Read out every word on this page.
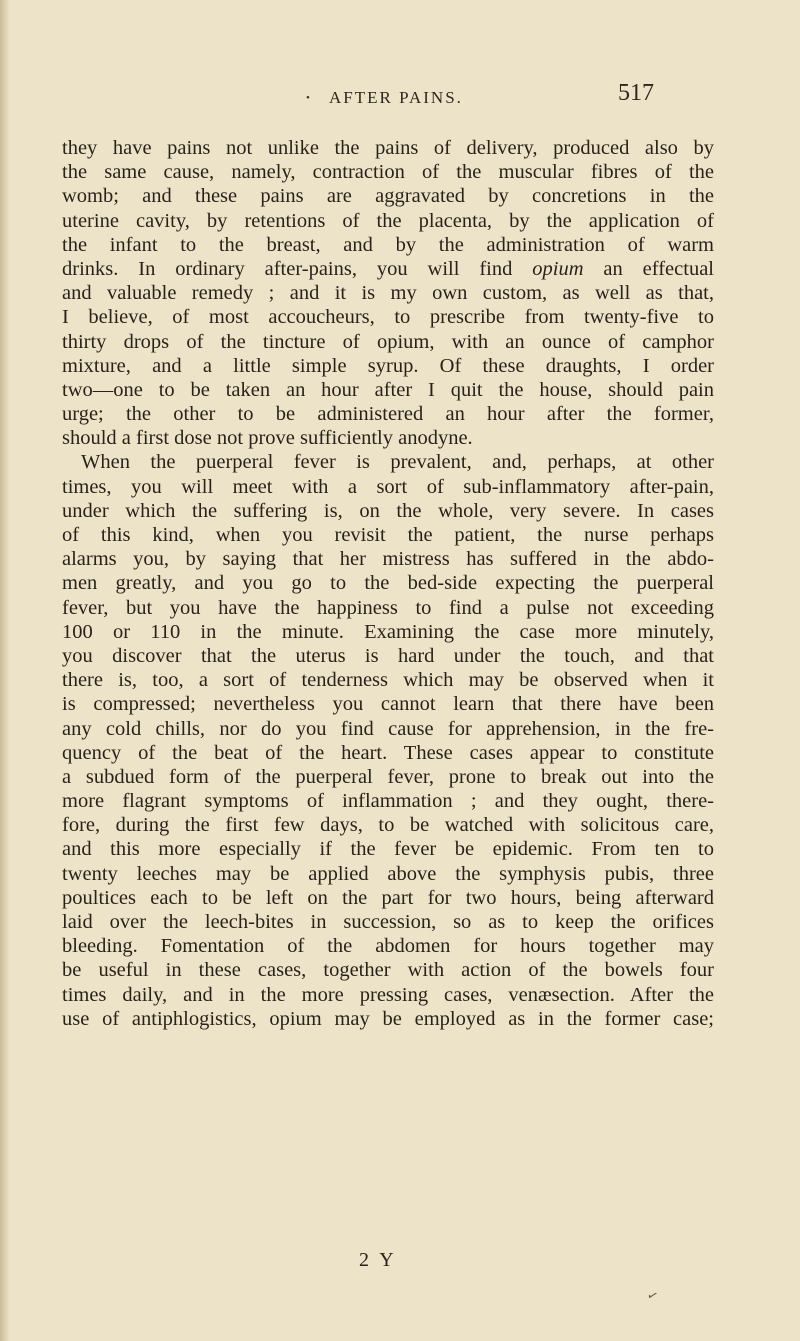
• AFTER PAINS.	517
they have pains not unlike the pains of delivery, produced also by
the same cause, namely, contraction of the muscular fibres of the
womb; and these pains are aggravated by concretions in the
uterine cavity, by retentions of the placenta, by the application of
the infant to the breast, and by the administration of warm
drinks. In ordinary after-pains, you will find opium an effectual
and valuable remedy ; and it is my own custom, as well as that,
I believe, of most accoucheurs, to prescribe from twenty-five to
thirty drops of the tincture of opium, with an ounce of camphor
mixture, and a little simple syrup. Of these draughts, I order
two—one to be taken an hour after I quit the house, should pain
urge; the other to be administered an hour after the former,
should a first dose not prove sufficiently anodyne.
When the puerperal fever is prevalent, and, perhaps, at other
times, you will meet with a sort of sub-inflammatory after-pain,
under which the suffering is, on the whole, very severe. In cases
of this kind, when you revisit the patient, the nurse perhaps
alarms you, by saying that her mistress has suffered in the abdo-
men greatly, and you go to the bed-side expecting the puerperal
fever, but you have the happiness to find a pulse not exceeding
100 or 110 in the minute. Examining the case more minutely,
you discover that the uterus is hard under the touch, and that
there is, too, a sort of tenderness which may be observed when it
is compressed; nevertheless you cannot learn that there have been
any cold chills, nor do you find cause for apprehension, in the fre-
quency of the beat of the heart. These cases appear to constitute
a subdued form of the puerperal fever, prone to break out into the
more flagrant symptoms of inflammation ; and they ought, there-
fore, during the first few days, to be watched with solicitous care,
and this more especially if the fever be epidemic. From ten to
twenty leeches may be applied above the symphysis pubis, three
poultices each to be left on the part for two hours, being afterward
laid over the leech-bites in succession, so as to keep the orifices
bleeding. Fomentation of the abdomen for hours together may
be useful in these cases, together with action of the bowels four
times daily, and in the more pressing cases, venæsection. After the
use of antiphlogistics, opium may be employed as in the former case;
2 Y
✓
